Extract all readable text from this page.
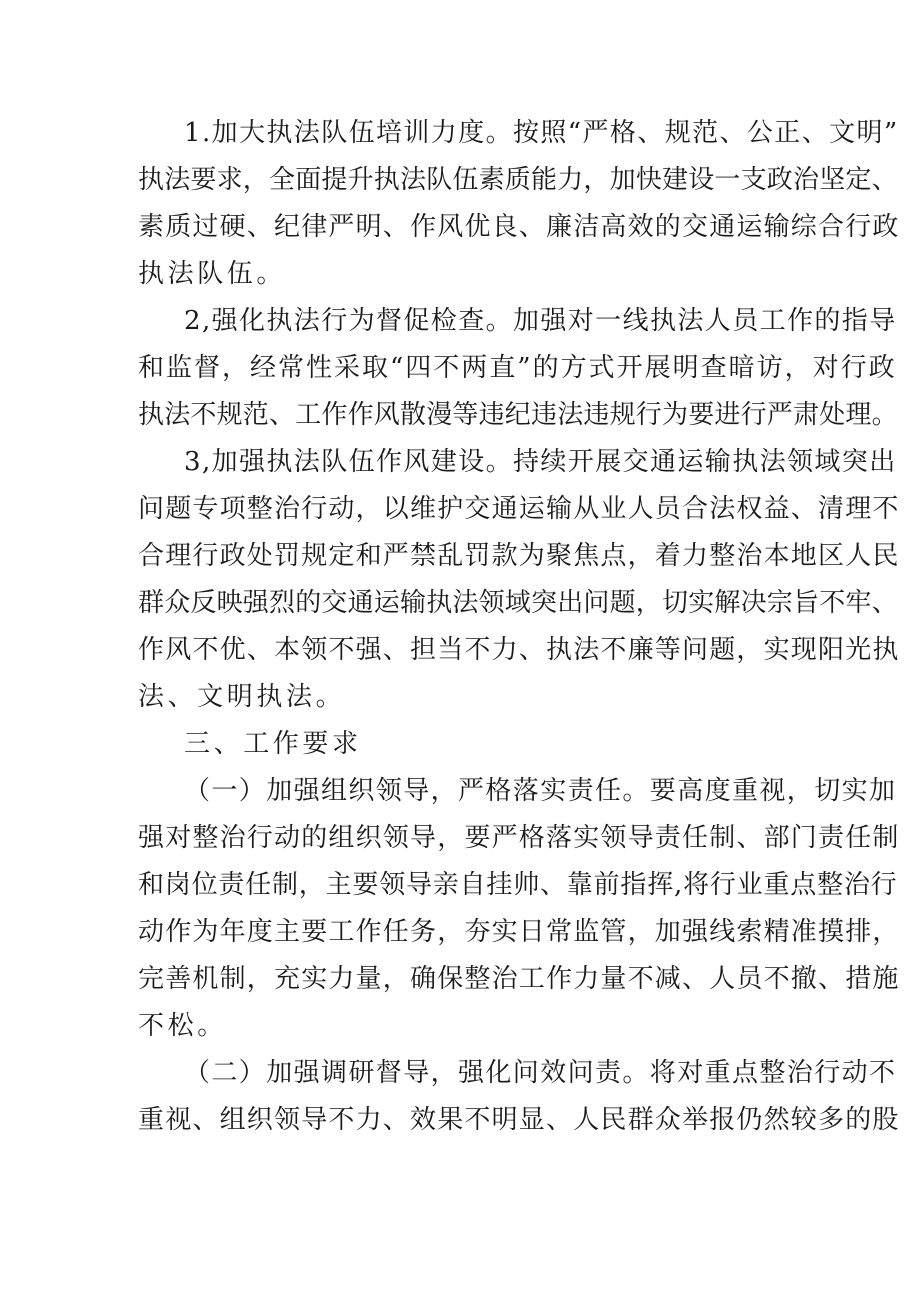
1.加大执法队伍培训力度。按照“严格、规范、公正、文明”
执法要求，全面提升执法队伍素质能力，加快建设一支政治坚定、
素质过硬、纪律严明、作风优良、廉洁高效的交通运输综合行政
执法队伍。
2,强化执法行为督促检查。加强对一线执法人员工作的指导
和监督，经常性采取“四不两直”的方式开展明查暗访，对行政
执法不规范、工作作风散漫等违纪违法违规行为要进行严肃处理。
3,加强执法队伍作风建设。持续开展交通运输执法领域突出
问题专项整治行动，以维护交通运输从业人员合法权益、清理不
合理行政处罚规定和严禁乱罚款为聚焦点，着力整治本地区人民
群众反映强烈的交通运输执法领域突出问题，切实解决宗旨不牢、
作风不优、本领不强、担当不力、执法不廉等问题，实现阳光执
法、文明执法。
三、工作要求
（一）加强组织领导，严格落实责任。要高度重视，切实加
强对整治行动的组织领导，要严格落实领导责任制、部门责任制
和岗位责任制，主要领导亲自挂帅、靠前指挥,将行业重点整治行
动作为年度主要工作任务，夯实日常监管，加强线索精准摸排，
完善机制，充实力量，确保整治工作力量不减、人员不撤、措施
不松。
（二）加强调研督导，强化问效问责。将对重点整治行动不
重视、组织领导不力、效果不明显、人民群众举报仍然较多的股
